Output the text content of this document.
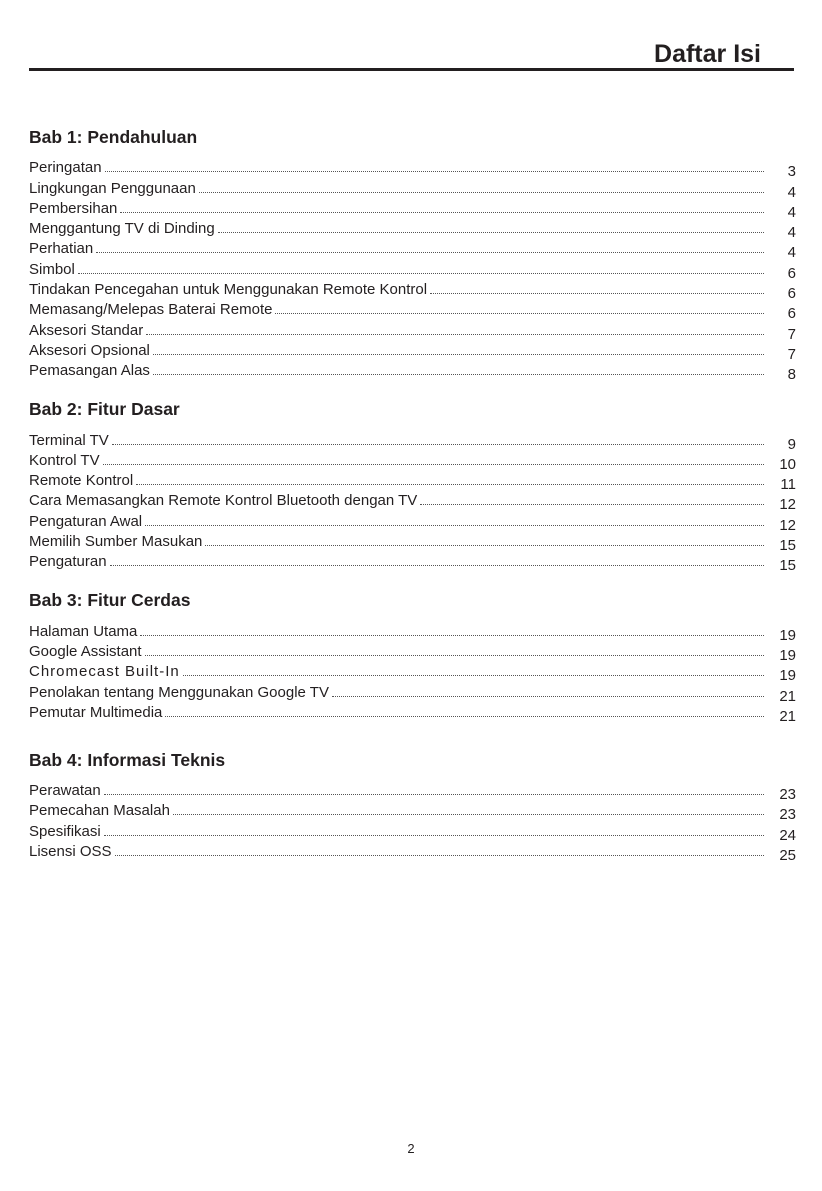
Daftar Isi
Bab 1: Pendahuluan
Peringatan	3
Lingkungan Penggunaan	4
Pembersihan	4
Menggantung TV di Dinding	4
Perhatian	4
Simbol	6
Tindakan Pencegahan untuk Menggunakan Remote Kontrol	6
Memasang/Melepas Baterai Remote	6
Aksesori Standar	7
Aksesori Opsional	7
Pemasangan Alas	8
Bab 2: Fitur Dasar
Terminal TV	9
Kontrol TV	10
Remote Kontrol	11
Cara Memasangkan Remote Kontrol Bluetooth dengan TV	12
Pengaturan Awal	12
Memilih Sumber Masukan	15
Pengaturan	15
Bab 3: Fitur Cerdas
Halaman Utama	19
Google Assistant	19
Chromecast Built-In	19
Penolakan tentang Menggunakan Google TV	21
Pemutar Multimedia	21
Bab 4: Informasi Teknis
Perawatan	23
Pemecahan Masalah	23
Spesifikasi	24
Lisensi OSS	25
2
